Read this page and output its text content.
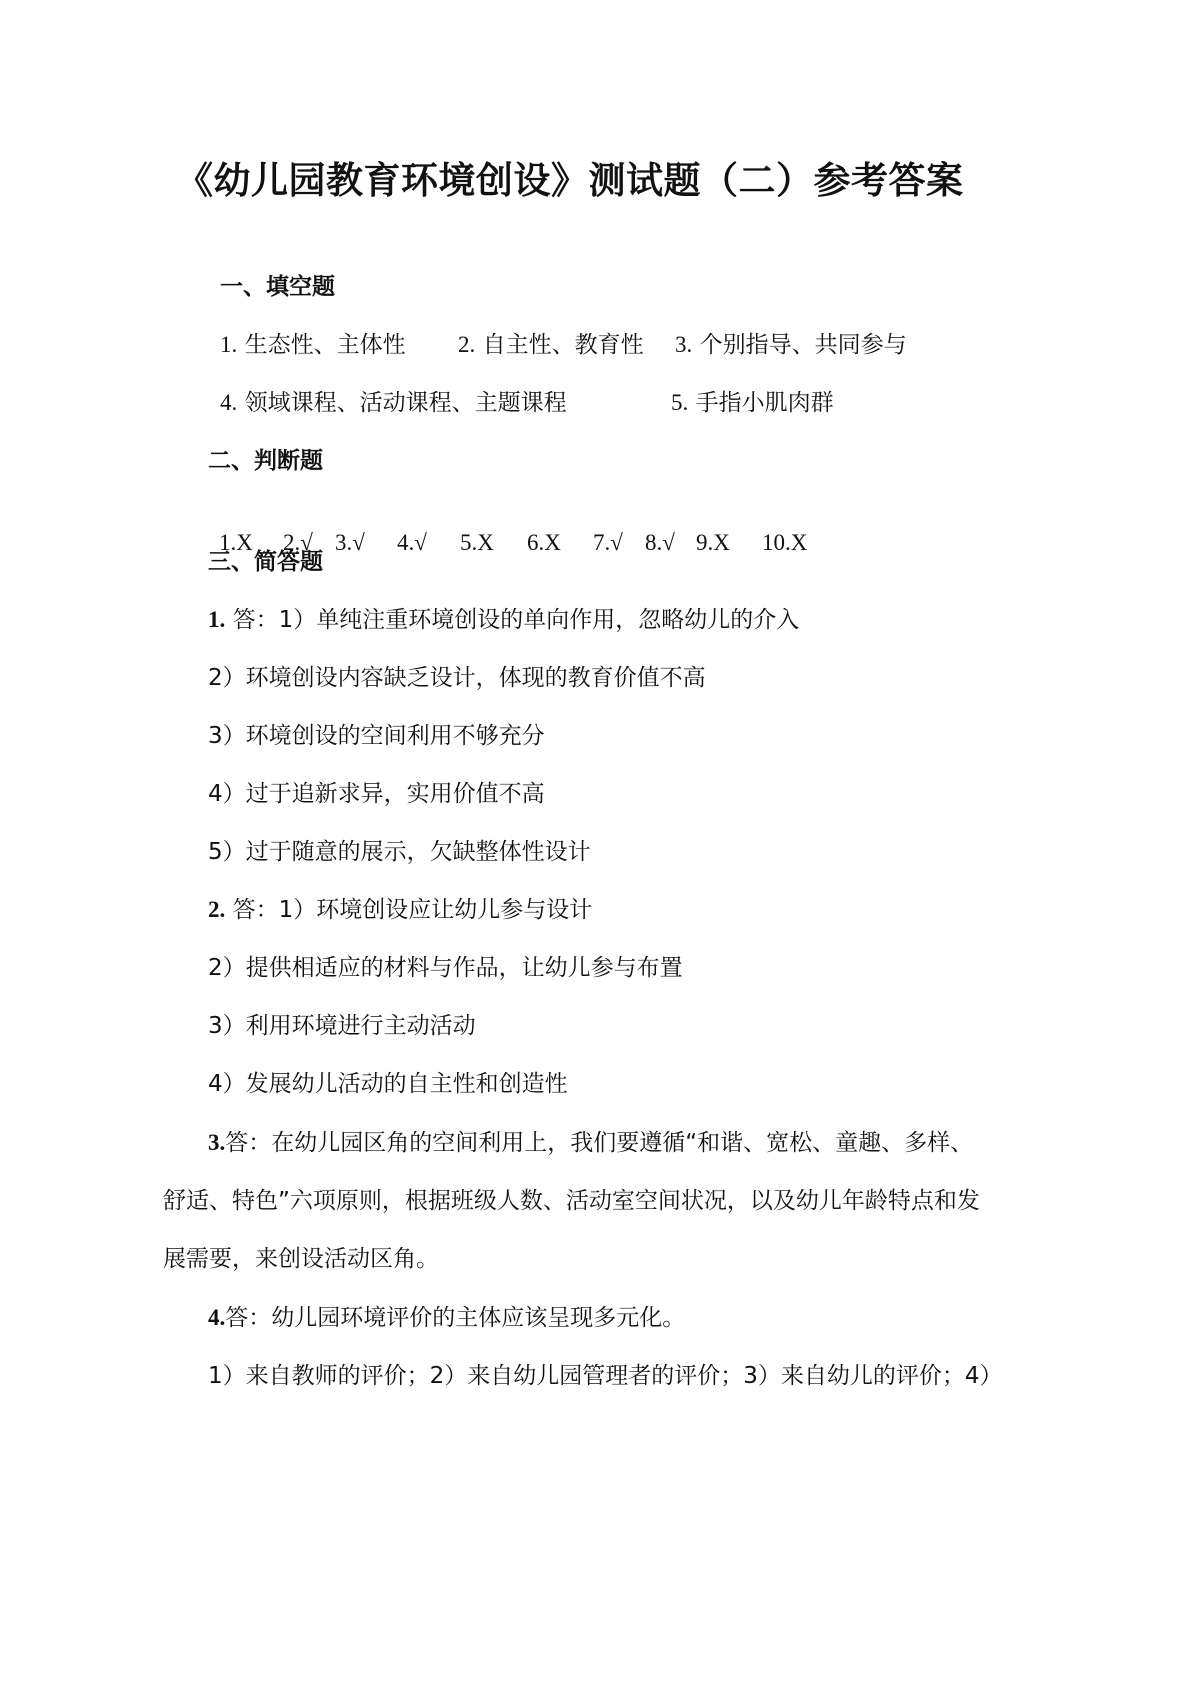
《幼儿园教育环境创设》测试题（二）参考答案
一、填空题
1. 生态性、主体性 2. 自主性、教育性 3. 个别指导、共同参与
4. 领域课程、活动课程、主题课程	5. 手指小肌肉群
二、判断题
1.X 2.√ 3.√ 4.√ 5.X 6.X 7.√ 8.√ 9.X 10.X
三、简答题
1. 答：1）单纯注重环境创设的单向作用，忽略幼儿的介入
2）环境创设内容缺乏设计，体现的教育价值不高
3）环境创设的空间利用不够充分
4）过于追新求异，实用价值不高
5）过于随意的展示，欠缺整体性设计
2. 答：1）环境创设应让幼儿参与设计
2）提供相适应的材料与作品，让幼儿参与布置
3）利用环境进行主动活动
4）发展幼儿活动的自主性和创造性
3.答：在幼儿园区角的空间利用上，我们要遵循“和谐、宽松、童趣、多样、
舒适、特色”六项原则，根据班级人数、活动室空间状况，以及幼儿年龄特点和发
展需要，来创设活动区角。
4.答：幼儿园环境评价的主体应该呈现多元化。
1）来自教师的评价；2）来自幼儿园管理者的评价；3）来自幼儿的评价；4）
